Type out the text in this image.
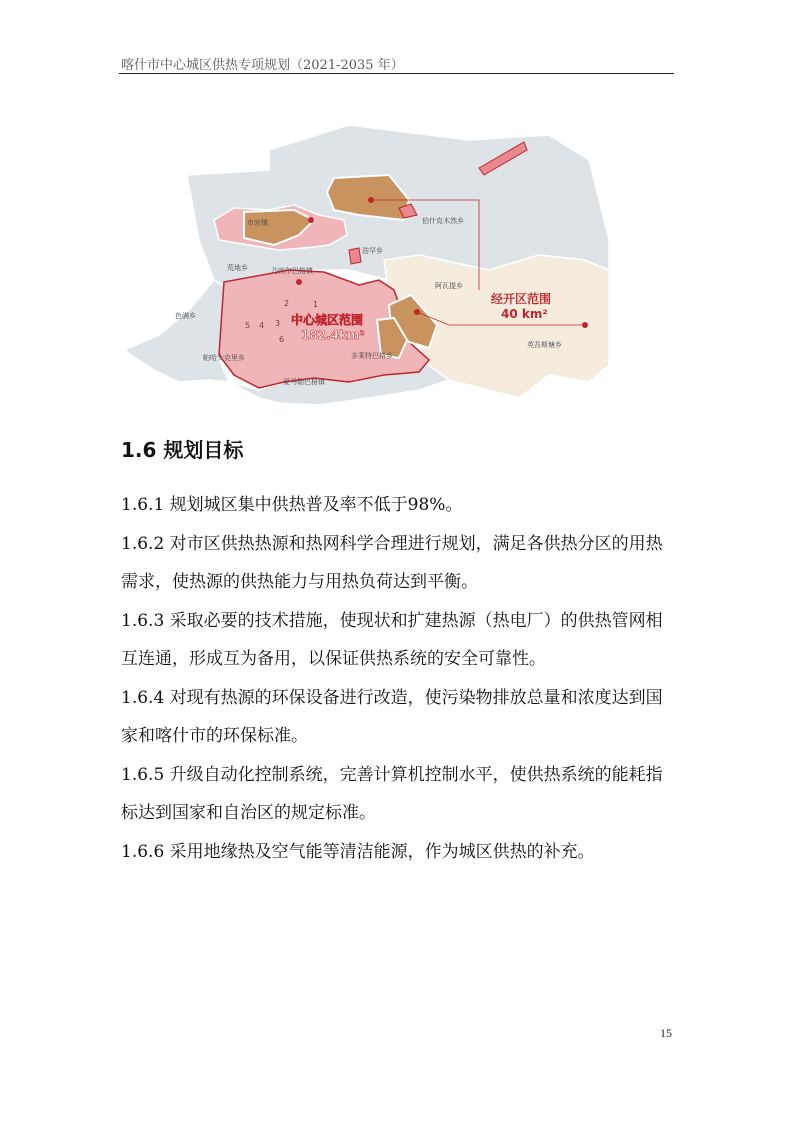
喀什市中心城区供热专项规划（2021-2035 年）
市官镇	伯什克木然乡
浩罕乡
荒地乡	乃则尔巴格镇
阿瓦提乡
色满乡
帕哈太克里乡	多莱特巴格乡
夏马勒巴格镇
英吾斯塘乡
1
2
3
4
5
6
中心城区范围
182.4km²
经开区范围
40 km²
1.6 规划目标

1.6.1 规划城区集中供热普及率不低于98%。

1.6.2 对市区供热热源和热网科学合理进行规划，满足各供热分区的用热需求，使热源的供热能力与用热负荷达到平衡。

1.6.3 采取必要的技术措施，使现状和扩建热源（热电厂）的供热管网相互连通，形成互为备用，以保证供热系统的安全可靠性。

1.6.4 对现有热源的环保设备进行改造，使污染物排放总量和浓度达到国家和喀什市的环保标准。

1.6.5 升级自动化控制系统，完善计算机控制水平，使供热系统的能耗指标达到国家和自治区的规定标准。

1.6.6 采用地缘热及空气能等清洁能源，作为城区供热的补充。

15
